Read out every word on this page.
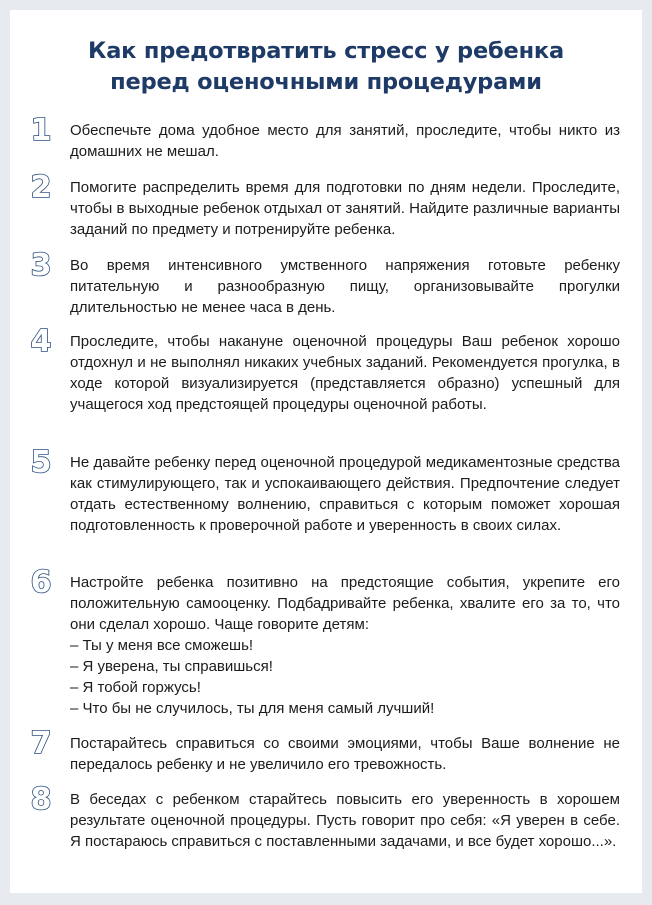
Как предотвратить стресс у ребенка
перед оценочными процедурами
1	Обеспечьте дома удобное место для занятий, проследите, чтобы никто из домашних не мешал.

2	Помогите распределить время для подготовки по дням недели. Проследите, чтобы в выходные ребенок отдыхал от занятий. Найдите различные варианты заданий по предмету и потренируйте ребенка.

3	Во время интенсивного умственного напряжения готовьте ребенку питательную и разнообразную пищу, организовывайте прогулки длительностью не менее часа в день.

4	Проследите, чтобы накануне оценочной процедуры Ваш ребенок хорошо отдохнул и не выполнял никаких учебных заданий. Рекомендуется прогулка, в ходе которой визуализируется (представляется образно) успешный для учащегося ход предстоящей процедуры оценочной работы.

5	Не давайте ребенку перед оценочной процедурой медикаментозные средства как стимулирующего, так и успокаивающего действия. Предпочтение следует отдать естественному волнению, справиться с которым поможет хорошая подготовленность к проверочной работе и уверенность в своих силах.

6	Настройте ребенка позитивно на предстоящие события, укрепите его положительную самооценку. Подбадривайте ребенка, хвалите его за то, что они сделал хорошо. Чаще говорите детям:

– Ты у меня все сможешь!

– Я уверена, ты справишься!

– Я тобой горжусь!

– Что бы не случилось, ты для меня самый лучший!

7	Постарайтесь справиться со своими эмоциями, чтобы Ваше волнение не передалось ребенку и не увеличило его тревожность.

8	В беседах с ребенком старайтесь повысить его уверенность в хорошем результате оценочной процедуры. Пусть говорит про себя: «Я уверен в себе. Я постараюсь справиться с поставленными задачами, и все будет хорошо...».
